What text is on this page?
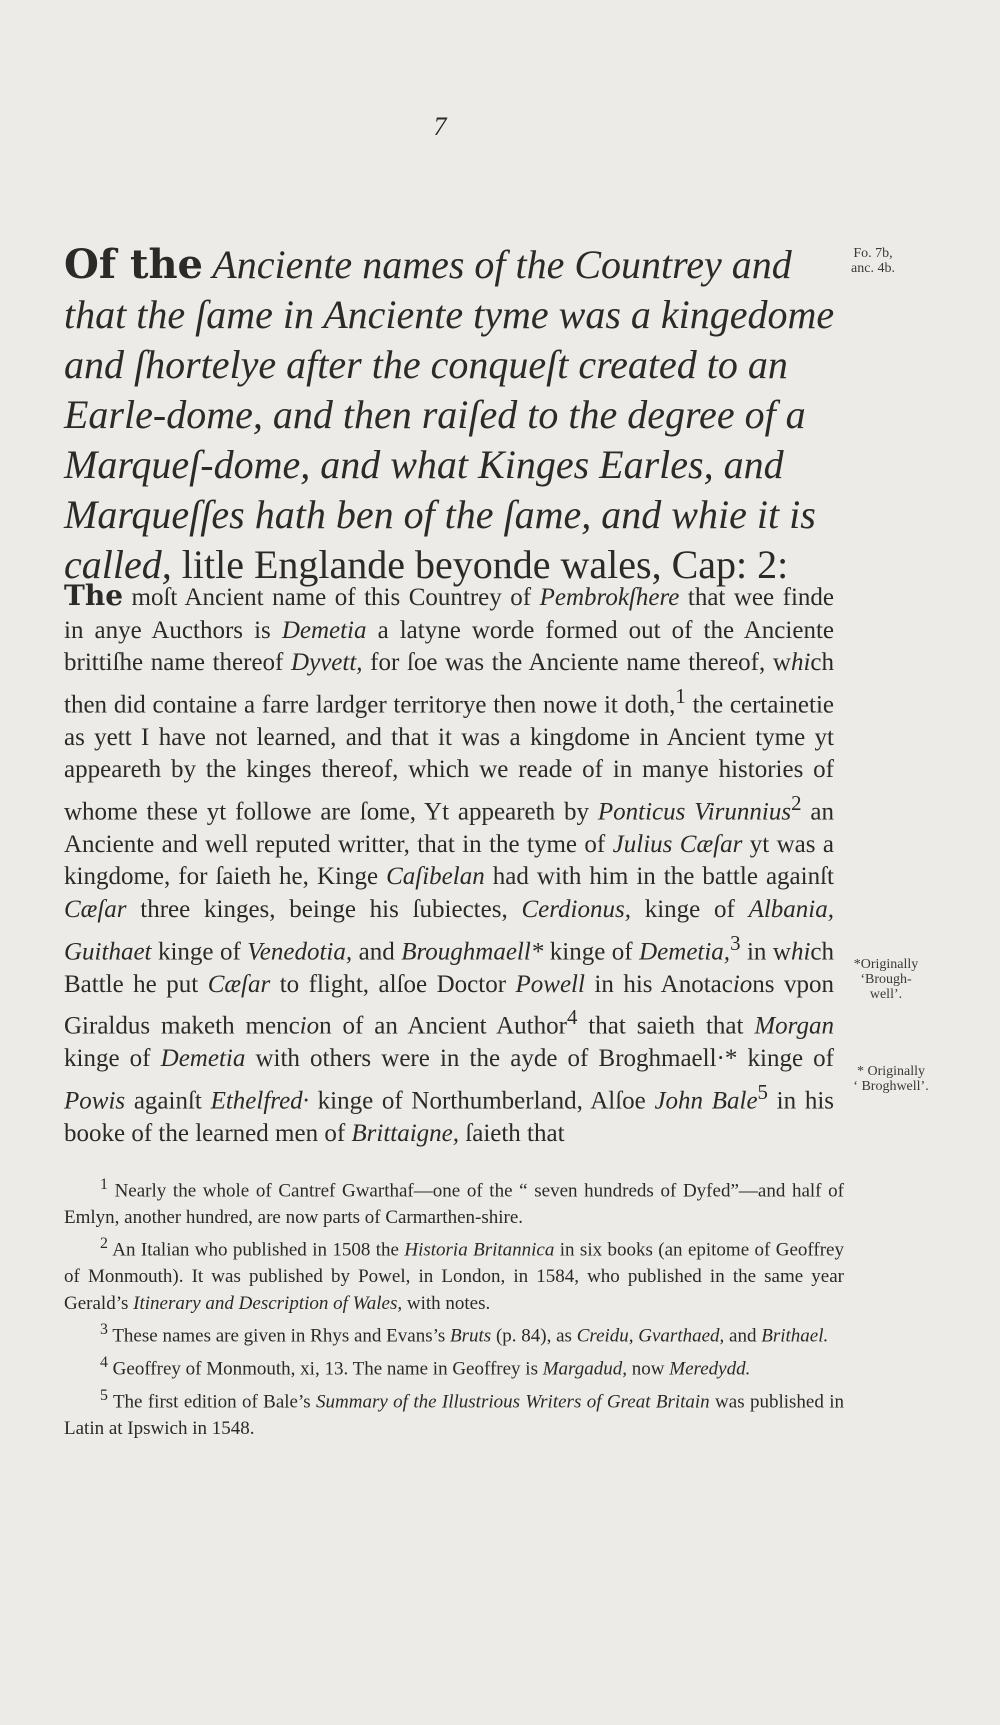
7
Of the Anciente names of the Countrey and that the ſame in Anciente tyme was a kingedome and ſhortelye after the conqueſt created to an Earle-dome, and then raiſed to the degree of a Marqueſ-dome, and what Kinges Earles, and Marqueſſes hath ben of the ſame, and whie it is called, litle Englande beyonde wales, Cap: 2:
Fo. 7b,
anc. 4b.
*Originally
‘Brough-
well’.
* Originally
‘ Broghwell’.
The moſt Ancient name of this Countrey of Pembrokſhere that wee finde in anye Aucthors is Demetia a latyne worde formed out of the Anciente brittiſhe name thereof Dyvett, for ſoe was the Anciente name thereof, which then did containe a farre lardger territorye then nowe it doth,$^1$ the certainetie as yett I have not learned, and that it was a kingdome in Ancient tyme yt appeareth by the kinges thereof, which we reade of in manye histories of whome these yt followe are ſome, Yt appeareth by Ponticus Virunnius$^2$ an Anciente and well reputed writter, that in the tyme of Julius Cæſar yt was a kingdome, for ſaieth he, Kinge Caſibelan had with him in the battle againſt Cæſar three kinges, beinge his ſubiectes, Cerdionus, kinge of Albania, Guithaet kinge of Venedotia, and Broughmaell* kinge of Demetia,$^3$ in which Battle he put Cæſar to flight, alſoe Doctor Powell in his Anotacions vpon Giraldus maketh mencion of an Ancient Author$^4$ that saieth that Morgan kinge of Demetia with others were in the ayde of Broghmaell·* kinge of Powis againſt Ethelfred· kinge of Northumberland, Alſoe John Bale$^5$ in his booke of the learned men of Brittaigne, ſaieth that

$^1$ Nearly the whole of Cantref Gwarthaf—one of the “ seven hundreds of Dyfed”—and half of Emlyn, another hundred, are now parts of Carmarthen-shire.

$^2$ An Italian who published in 1508 the Historia Britannica in six books (an epitome of Geoffrey of Monmouth). It was published by Powel, in London, in 1584, who published in the same year Gerald’s Itinerary and Description of Wales, with notes.

$^3$ These names are given in Rhys and Evans’s Bruts (p. 84), as Creidu, Gvarthaed, and Brithael.

$^4$ Geoffrey of Monmouth, xi, 13. The name in Geoffrey is Margadud, now Meredydd.

$^5$ The first edition of Bale’s Summary of the Illustrious Writers of Great Britain was published in Latin at Ipswich in 1548.
